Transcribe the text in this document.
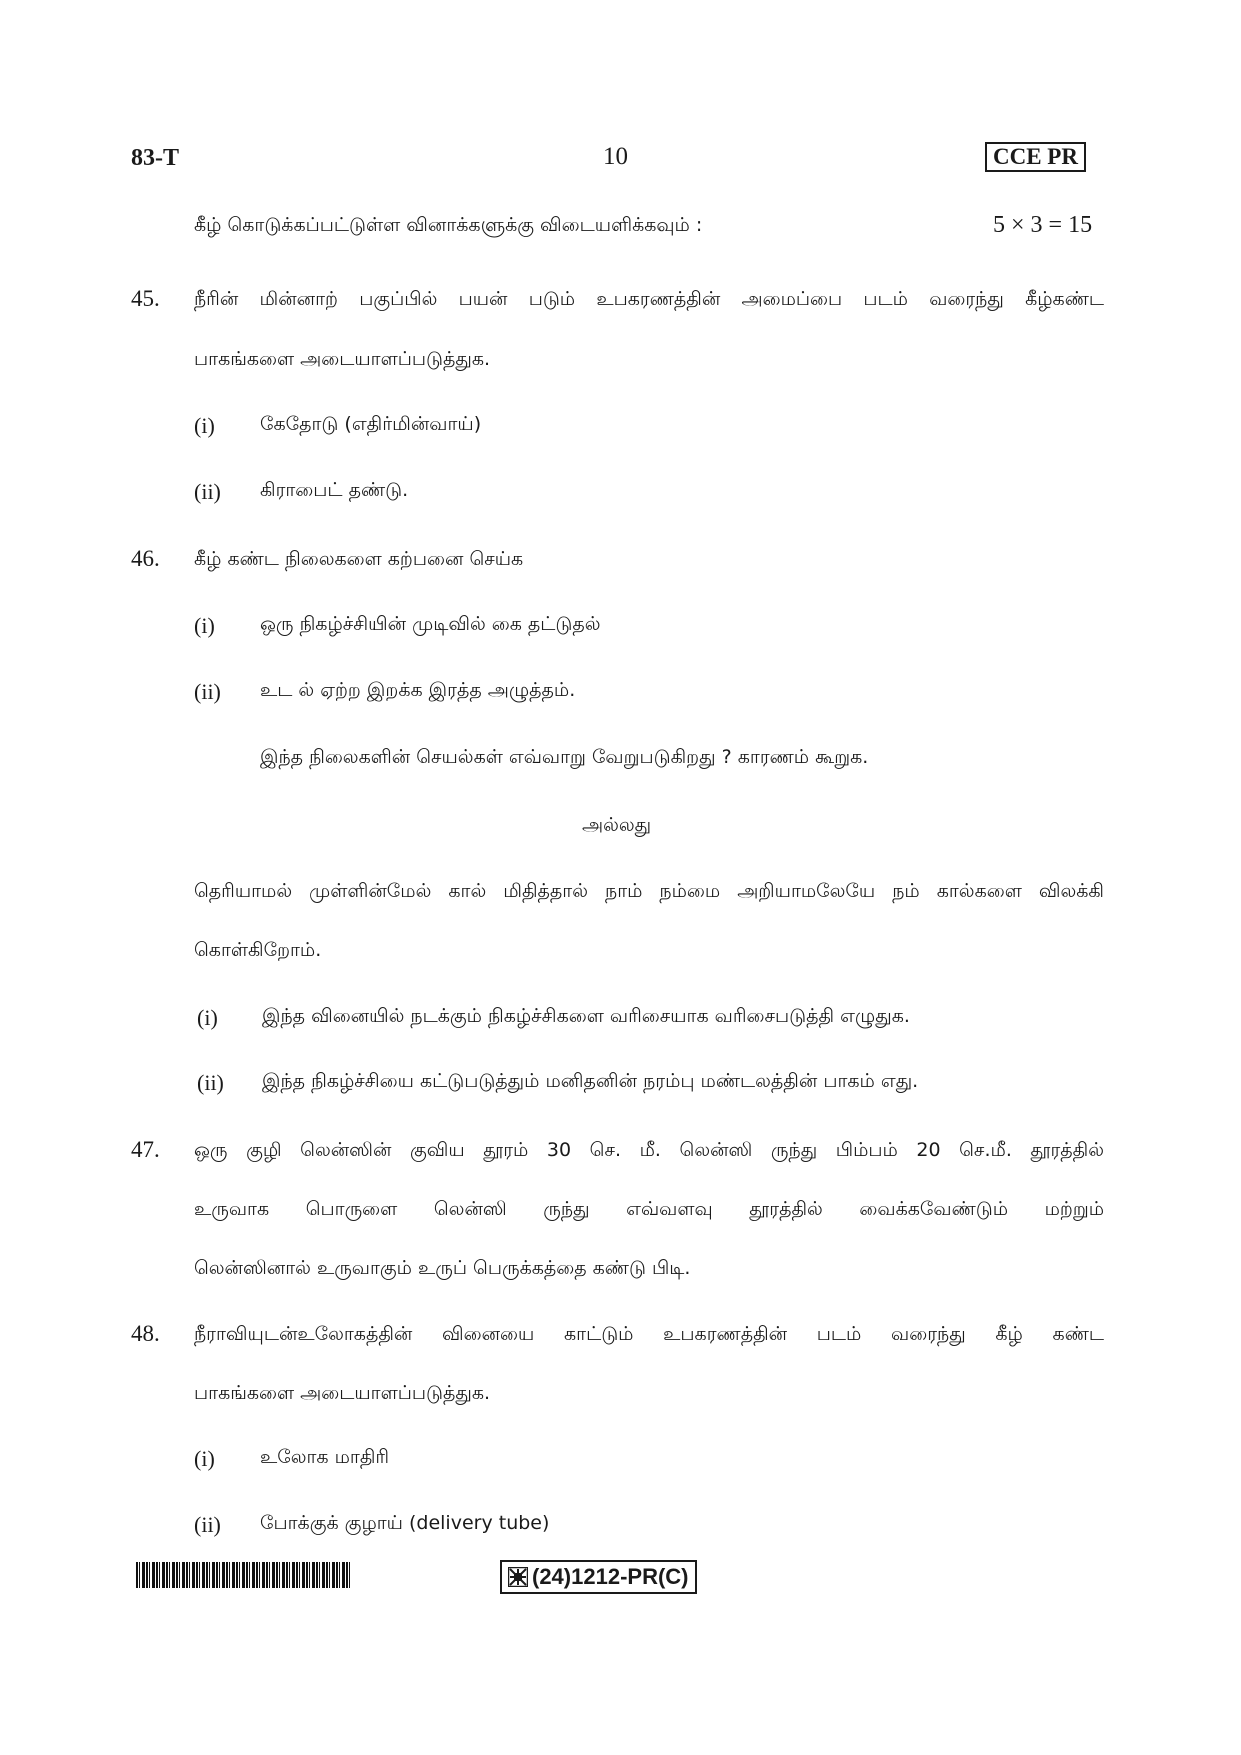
83-T	10	CCE PR
கீழ் கொடுக்கப்பட்டுள்ள வினாக்களுக்கு விடையளிக்கவும் :	5 × 3 = 15
45. நீரின் மின்னாற் பகுப்பில் பயன் படும் உபகரணத்தின் அமைப்பை படம் வரைந்து கீழ்கண்ட
பாகங்களை அடையாளப்படுத்துக.
(i) கேதோடு (எதிர்மின்வாய்)
(ii) கிராபைட் தண்டு.
46. கீழ் கண்ட நிலைகளை கற்பனை செய்க
(i) ஒரு நிகழ்ச்சியின் முடிவில் கை தட்டுதல்
(ii) உட ல் ஏற்ற இறக்க இரத்த அழுத்தம்.
இந்த நிலைகளின் செயல்கள் எவ்வாறு வேறுபடுகிறது ? காரணம் கூறுக.
அல்லது
தெரியாமல் முள்ளின்மேல் கால் மிதித்தால் நாம் நம்மை அறியாமலேயே நம் கால்களை விலக்கி
கொள்கிறோம்.
(i) இந்த வினையில் நடக்கும் நிகழ்ச்சிகளை வரிசையாக வரிசைபடுத்தி எழுதுக.
(ii) இந்த நிகழ்ச்சியை கட்டுபடுத்தும் மனிதனின் நரம்பு மண்டலத்தின் பாகம் எது.
47. ஒரு குழி லென்ஸின் குவிய தூரம் 30 செ. மீ. லென்ஸி ருந்து பிம்பம் 20 செ.மீ. தூரத்தில்
உருவாக பொருளை லென்ஸி ருந்து எவ்வளவு தூரத்தில் வைக்கவேண்டும் மற்றும்
லென்ஸினால் உருவாகும் உருப் பெருக்கத்தை கண்டு பிடி.
48. நீராவியுடன்உலோகத்தின் வினையை காட்டும் உபகரணத்தின் படம் வரைந்து கீழ் கண்ட
பாகங்களை அடையாளப்படுத்துக.
(i) உலோக மாதிரி
(ii) போக்குக் குழாய் (delivery tube)
(24)1212-PR(C)
